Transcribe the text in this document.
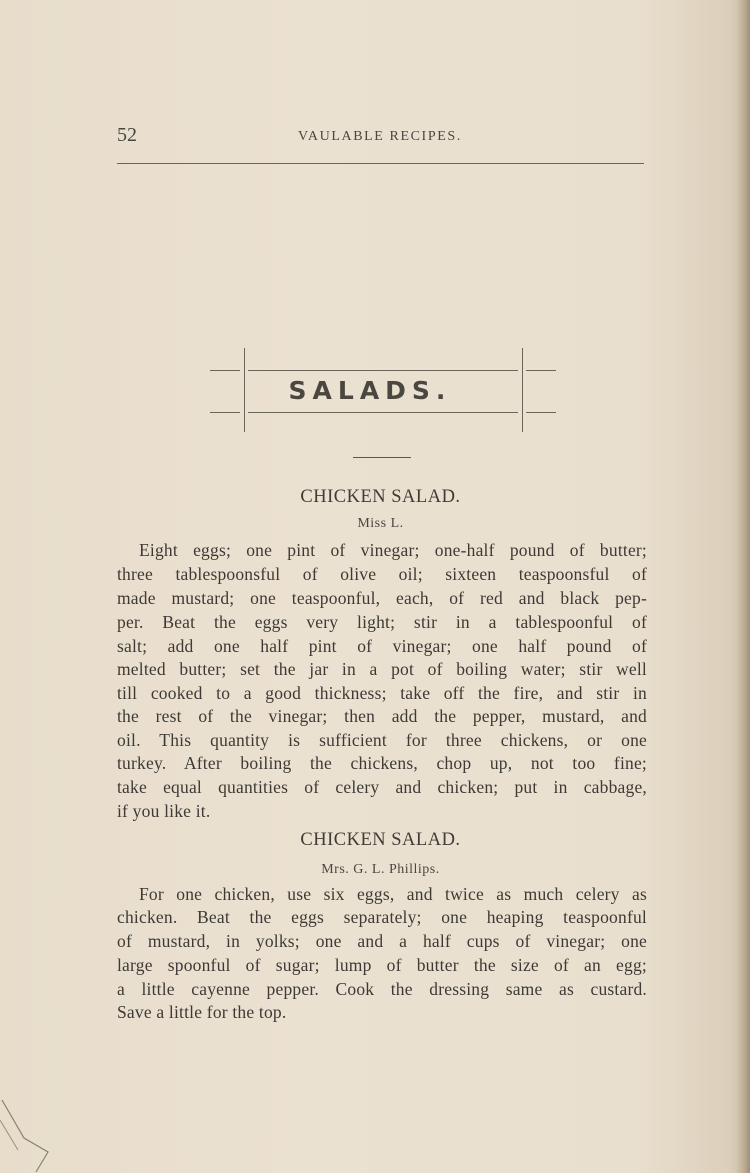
52	VAULABLE RECIPES.
SALADS.
CHICKEN SALAD.
Miss L.
Eight eggs; one pint of vinegar; one-half pound of butter;
three tablespoonsful of olive oil; sixteen teaspoonsful of
made mustard; one teaspoonful, each, of red and black pep-
per. Beat the eggs very light; stir in a tablespoonful of
salt; add one half pint of vinegar; one half pound of
melted butter; set the jar in a pot of boiling water; stir well
till cooked to a good thickness; take off the fire, and stir in
the rest of the vinegar; then add the pepper, mustard, and
oil. This quantity is sufficient for three chickens, or one
turkey. After boiling the chickens, chop up, not too fine;
take equal quantities of celery and chicken; put in cabbage,
if you like it.
CHICKEN SALAD.
Mrs. G. L. Phillips.
For one chicken, use six eggs, and twice as much celery as
chicken. Beat the eggs separately; one heaping teaspoonful
of mustard, in yolks; one and a half cups of vinegar; one
large spoonful of sugar; lump of butter the size of an egg;
a little cayenne pepper. Cook the dressing same as custard.
Save a little for the top.
